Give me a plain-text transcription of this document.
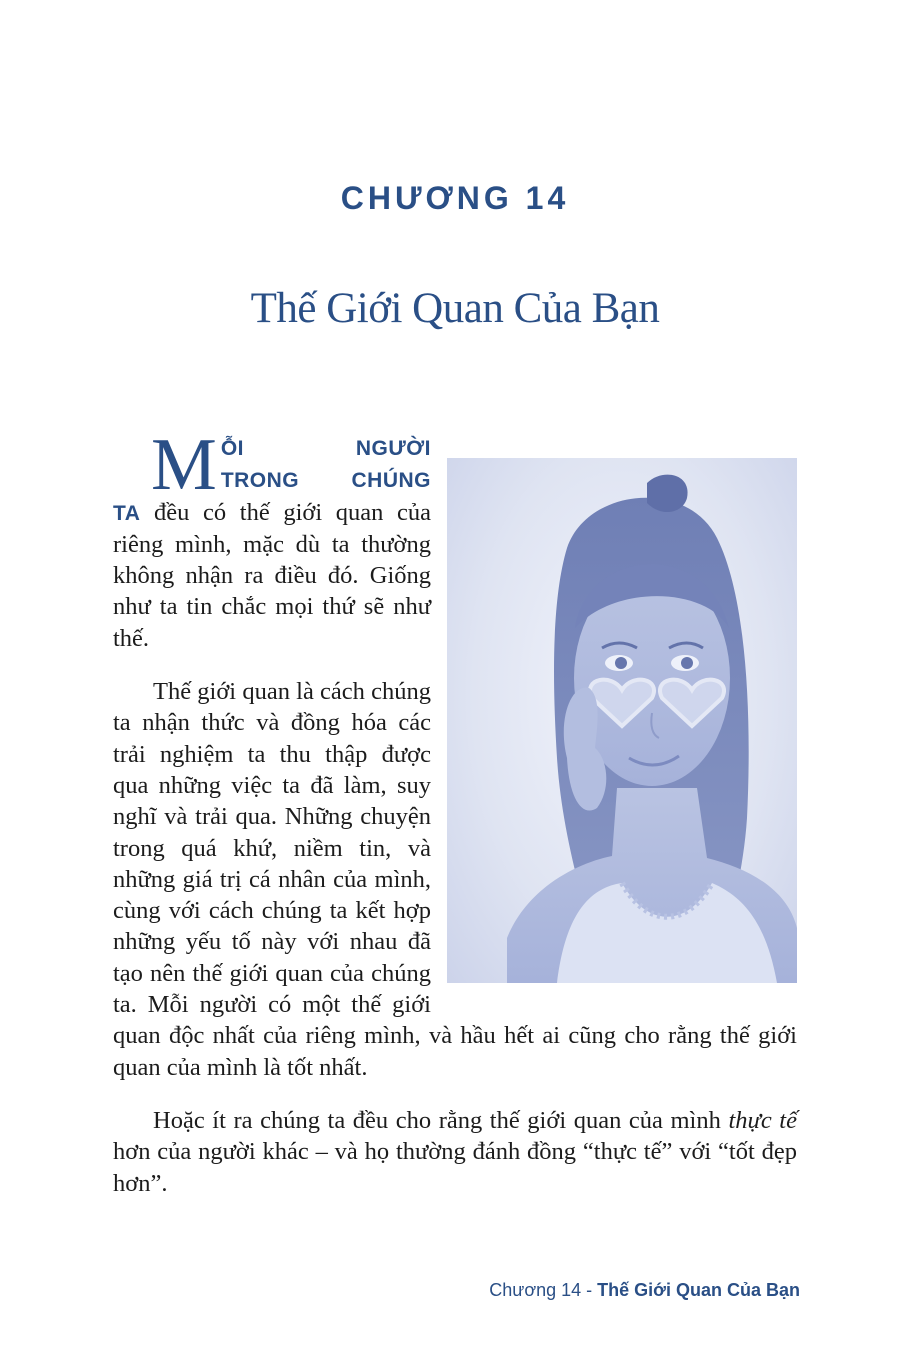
CHƯƠNG 14
Thế Giới Quan Của Bạn

MỖI NGƯỜI TRONG CHÚNG TA đều có thế giới quan của riêng mình, mặc dù ta thường không nhận ra điều đó. Giống như ta tin chắc mọi thứ sẽ như thế.

Thế giới quan là cách chúng ta nhận thức và đồng hóa các trải nghiệm ta thu thập được qua những việc ta đã làm, suy nghĩ và trải qua. Những chuyện trong quá khứ, niềm tin, và những giá trị cá nhân của mình, cùng với cách chúng ta kết hợp những yếu tố này với nhau đã tạo nên thế giới quan của chúng ta. Mỗi người có một thế giới quan độc nhất của riêng mình, và hầu hết ai cũng cho rằng thế giới quan của mình là tốt nhất.

Hoặc ít ra chúng ta đều cho rằng thế giới quan của mình thực tế hơn của người khác – và họ thường đánh đồng “thực tế” với “tốt đẹp hơn”.

Chương 14 - Thế Giới Quan Của Bạn
